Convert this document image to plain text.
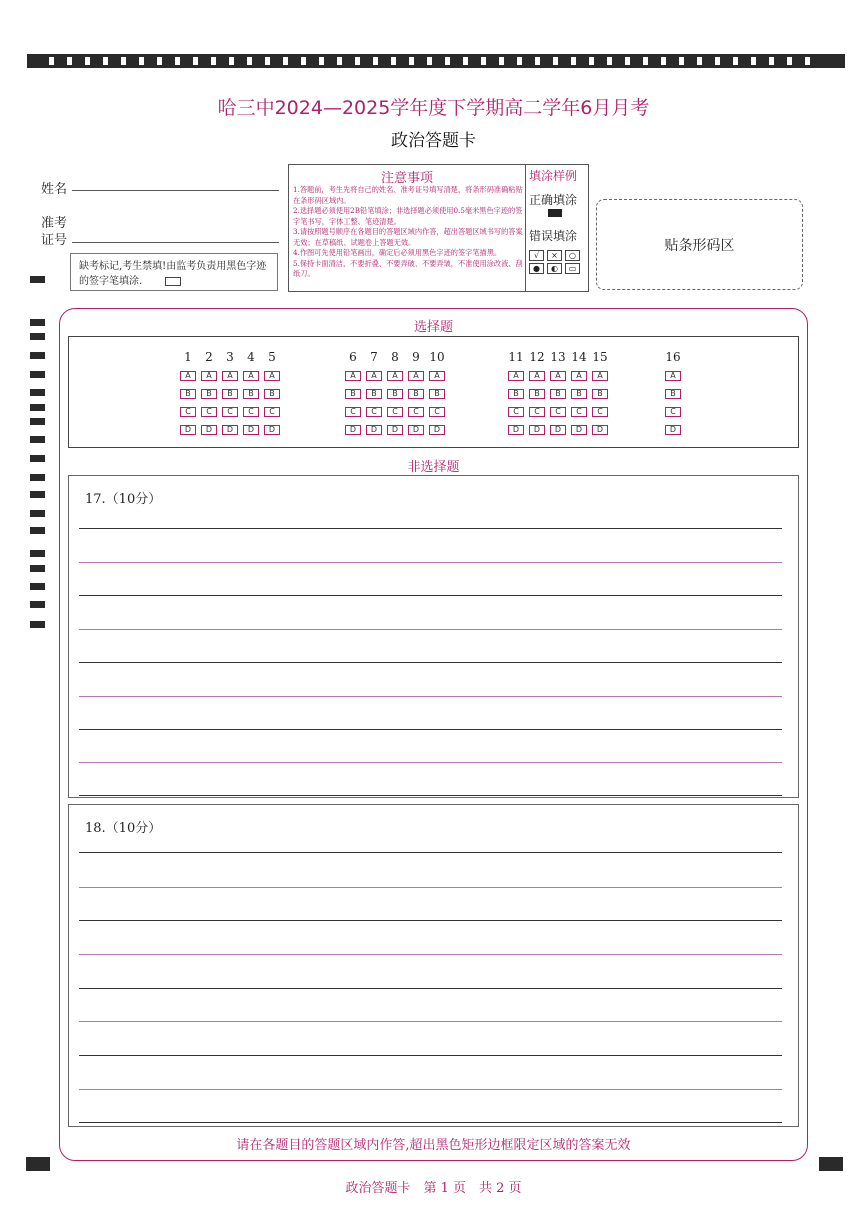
哈三中2024—2025学年度下学期高二学年6月月考
政治答题卡
姓名
准考
证号
缺考标记,考生禁填!由监考负责用黑色字迹的签字笔填涂.
注意事项
1.答题前，考生先将自己的姓名、准考证号填写清楚，将条形码准确粘贴在条形码区域内。
2.选择题必须使用2B铅笔填涂；非选择题必须使用0.5毫米黑色字迹的签字笔书写，字体工整、笔迹清楚。
3.请按照题号顺序在各题目的答题区域内作答，超出答题区域书写的答案无效；在草稿纸、试题卷上答题无效。
4.作图可先使用铅笔画出，确定后必须用黑色字迹的签字笔描黑。
5.保持卡面清洁，不要折叠、不要弄破、不要弄皱，不准使用涂改液、刮纸刀。
填涂样例
正确填涂
错误填涂
√ × ○
● ◐ ▭
贴条形码区
选择题
1
A
B
C
D
2
A
B
C
D
3
A
B
C
D
4
A
B
C
D
5
A
B
C
D
6
A
B
C
D
7
A
B
C
D
8
A
B
C
D
9
A
B
C
D
10
A
B
C
D
11
A
B
C
D
12
A
B
C
D
13
A
B
C
D
14
A
B
C
D
15
A
B
C
D
16
A
B
C
D
非选择题
17.（10分）
18.（10分）
请在各题目的答题区域内作答,超出黑色矩形边框限定区域的答案无效
政治答题卡　第 1 页　共 2 页
